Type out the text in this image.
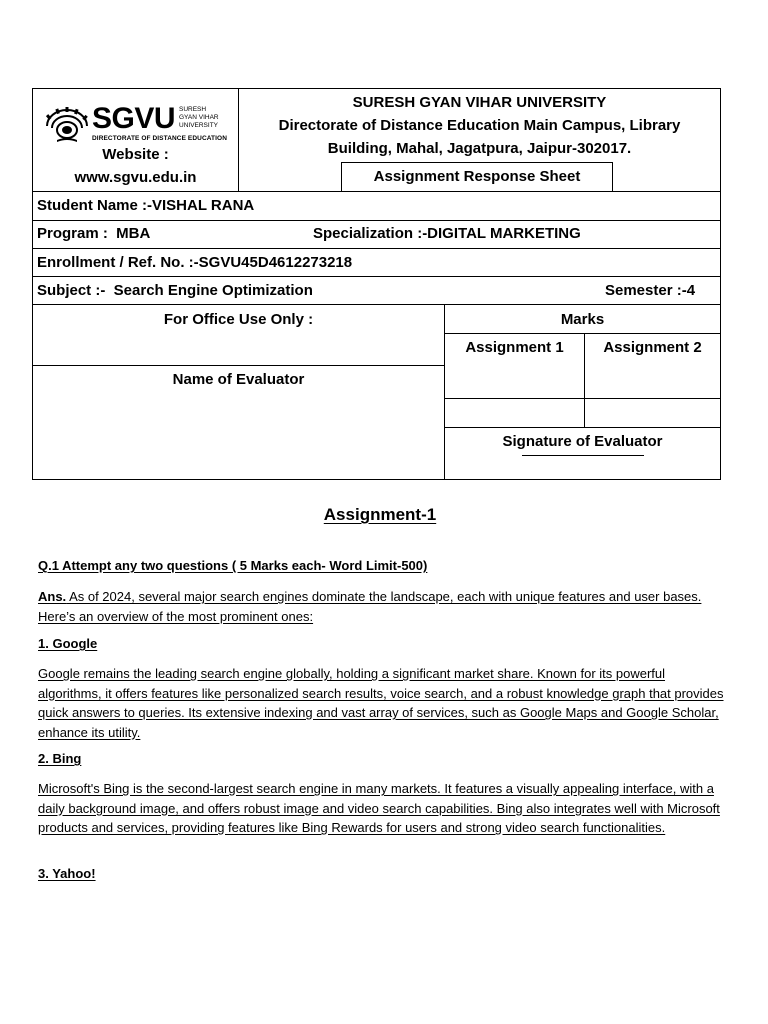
SGVU SURESH
GYAN VIHAR
UNIVERSITY
DIRECTORATE OF DISTANCE EDUCATION
Website :
www.sgvu.edu.in
SURESH GYAN VIHAR UNIVERSITY
Directorate of Distance Education Main Campus, Library
Building, Mahal, Jagatpura, Jaipur-302017.
Assignment Response Sheet
Student Name :-VISHAL RANA
Program :  MBA	Specialization :-DIGITAL MARKETING
Enrollment / Ref. No. :-SGVU45D4612273218
Subject :-  Search Engine Optimization	Semester :-4
For Office Use Only :	Marks
Assignment 1	Assignment 2
Name of Evaluator
Signature of Evaluator
Assignment-1
Q.1 Attempt any two questions ( 5 Marks each- Word Limit-500)

Ans. As of 2024, several major search engines dominate the landscape, each with unique features and user bases. Here’s an overview of the most prominent ones:

1. Google

Google remains the leading search engine globally, holding a significant market share. Known for its powerful algorithms, it offers features like personalized search results, voice search, and a robust knowledge graph that provides quick answers to queries. Its extensive indexing and vast array of services, such as Google Maps and Google Scholar, enhance its utility.

2. Bing

Microsoft's Bing is the second-largest search engine in many markets. It features a visually appealing interface, with a daily background image, and offers robust image and video search capabilities. Bing also integrates well with Microsoft products and services, providing features like Bing Rewards for users and strong video search functionalities.

3. Yahoo!
